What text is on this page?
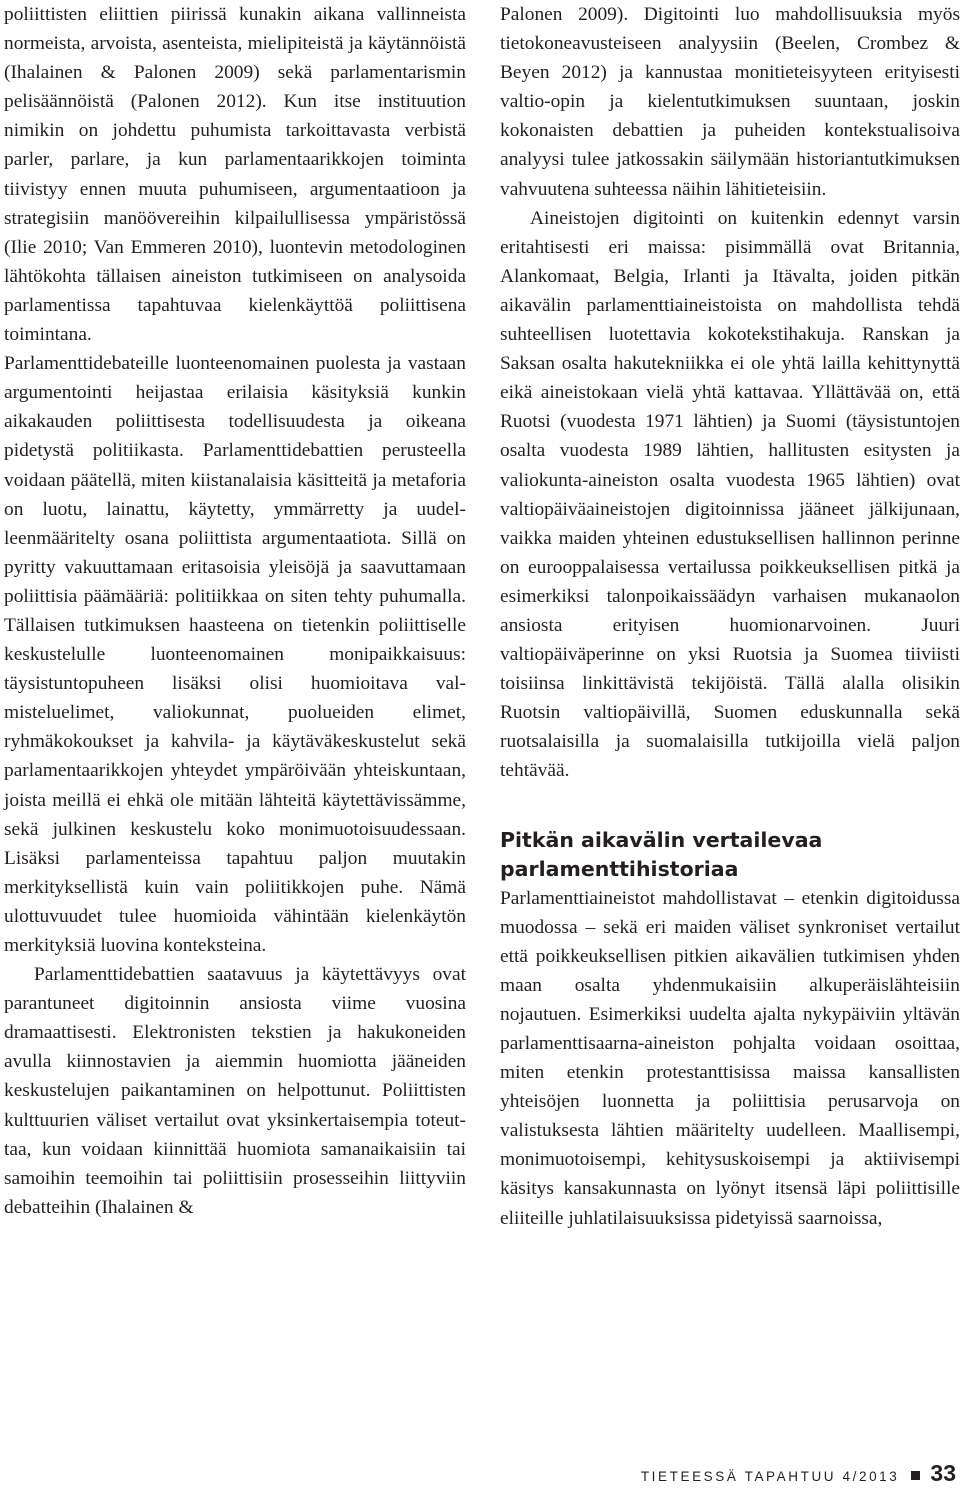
poliittisten eliittien piirissä kunakin aikana vallinneista normeista, arvoista, asenteista, mielipiteistä ja käytännöistä (Ihalainen & Palonen 2009) sekä parlamentarismin pelisäännöistä (Palonen 2012). Kun itse instituution nimikin on johdettu puhumista tarkoittavasta verbistä parler, parlare, ja kun parlamentaarikkojen toiminta tiivistyy ennen muuta puhumiseen, argumentaatioon ja strategisiin manöövereihin kilpailullisessa ympäristössä (Ilie 2010; Van Emmeren 2010), luontevin metodologinen lähtökohta tällaisen aineiston tutkimiseen on analysoida parlamentissa tapahtuvaa kielenkäyttöä poliittisena toimintana.

Parlamenttidebateille luonteenomainen puolesta ja vastaan argumentointi heijastaa erilaisia käsityksiä kunkin aikakauden poliittisesta todellisuudesta ja oikeana pidetystä politiikasta. Parlamenttidebattien perusteella voidaan päätellä, miten kiistanalaisia käsitteitä ja metaforia on luotu, lainattu, käytetty, ymmärretty ja uudelleenmääritelty osana poliittista argumentaatiota. Sillä on pyritty vakuuttamaan eritasoisia yleisöjä ja saavuttamaan poliittisia päämääriä: politiikkaa on siten tehty puhumalla. Tällaisen tutkimuksen haasteena on tietenkin poliittiselle keskustelulle luonteenomainen monipaikkaisuus: täysistuntopuheen lisäksi olisi huomioitava valmisteluelimet, valiokunnat, puolueiden elimet, ryhmäkokoukset ja kahvila- ja käytäväkeskustelut sekä parlamentaarikkojen yhteydet ympäröivään yhteiskuntaan, joista meillä ei ehkä ole mitään lähteitä käytettävissämme, sekä julkinen keskustelu koko monimuotoisuudessaan. Lisäksi parlamenteissa tapahtuu paljon muutakin merkityksellistä kuin vain poliitikkojen puhe. Nämä ulottuvuudet tulee huomioida vähintään kielenkäytön merkityksiä luovina konteksteina.

Parlamenttidebattien saatavuus ja käytettävyys ovat parantuneet digitoinnin ansiosta viime vuosina dramaattisesti. Elektronisten tekstien ja hakukoneiden avulla kiinnostavien ja aiemmin huomiotta jääneiden keskustelujen paikantaminen on helpottunut. Poliittisten kulttuurien väliset vertailut ovat yksinkertaisempia toteuttaa, kun voidaan kiinnittää huomiota samanaikaisiin tai samoihin teemoihin tai poliittisiin prosesseihin liittyviin debatteihin (Ihalainen &

Palonen 2009). Digitointi luo mahdollisuuksia myös tietokoneavusteiseen analyysiin (Beelen, Crombez & Beyen 2012) ja kannustaa monitieteisyyteen erityisesti valtio-opin ja kielentutkimuksen suuntaan, joskin kokonaisten debattien ja puheiden kontekstualisoiva analyysi tulee jatkossakin säilymään historiantutkimuksen vahvuutena suhteessa näihin lähitieteisiin.

Aineistojen digitointi on kuitenkin edennyt varsin eritahtisesti eri maissa: pisimmällä ovat Britannia, Alankomaat, Belgia, Irlanti ja Itävalta, joiden pitkän aikavälin parlamenttiaineistoista on mahdollista tehdä suhteellisen luotettavia kokotekstihakuja. Ranskan ja Saksan osalta hakutekniikka ei ole yhtä lailla kehittynyttä eikä aineistokaan vielä yhtä kattavaa. Yllättävää on, että Ruotsi (vuodesta 1971 lähtien) ja Suomi (täysistuntojen osalta vuodesta 1989 lähtien, hallitusten esitysten ja valiokunta-aineiston osalta vuodesta 1965 lähtien) ovat valtiopäiväaineistojen digitoinnissa jääneet jälkijunaan, vaikka maiden yhteinen edustuksellisen hallinnon perinne on eurooppalaisessa vertailussa poikkeuksellisen pitkä ja esimerkiksi talonpoikaissäädyn varhaisen mukanaolon ansiosta erityisen huomionarvoinen. Juuri valtiopäiväperinne on yksi Ruotsia ja Suomea tiiviisti toisiinsa linkittävistä tekijöistä. Tällä alalla olisikin Ruotsin valtiopäivillä, Suomen eduskunnalla sekä ruotsalaisilla ja suomalaisilla tutkijoilla vielä paljon tehtävää.

Pitkän aikavälin vertailevaa parlamenttihistoriaa

Parlamenttiaineistot mahdollistavat – etenkin digitoidussa muodossa – sekä eri maiden väliset synkroniset vertailut että poikkeuksellisen pitkien aikavälien tutkimisen yhden maan osalta yhdenmukaisiin alkuperäislähteisiin nojautuen. Esimerkiksi uudelta ajalta nykypäiviin yltävän parlamenttisaarna-aineiston pohjalta voidaan osoittaa, miten etenkin protestanttisissa maissa kansallisten yhteisöjen luonnetta ja poliittisia perusarvoja on valistuksesta lähtien määritelty uudelleen. Maallisempi, monimuotoisempi, kehitysuskoisempi ja aktiivisempi käsitys kansakunnasta on lyönyt itsensä läpi poliittisille eliiteille juhlatilaisuuksissa pidetyissä saarnoissa,

TIETEESSÄ TAPAHTUU 4/2013 33
